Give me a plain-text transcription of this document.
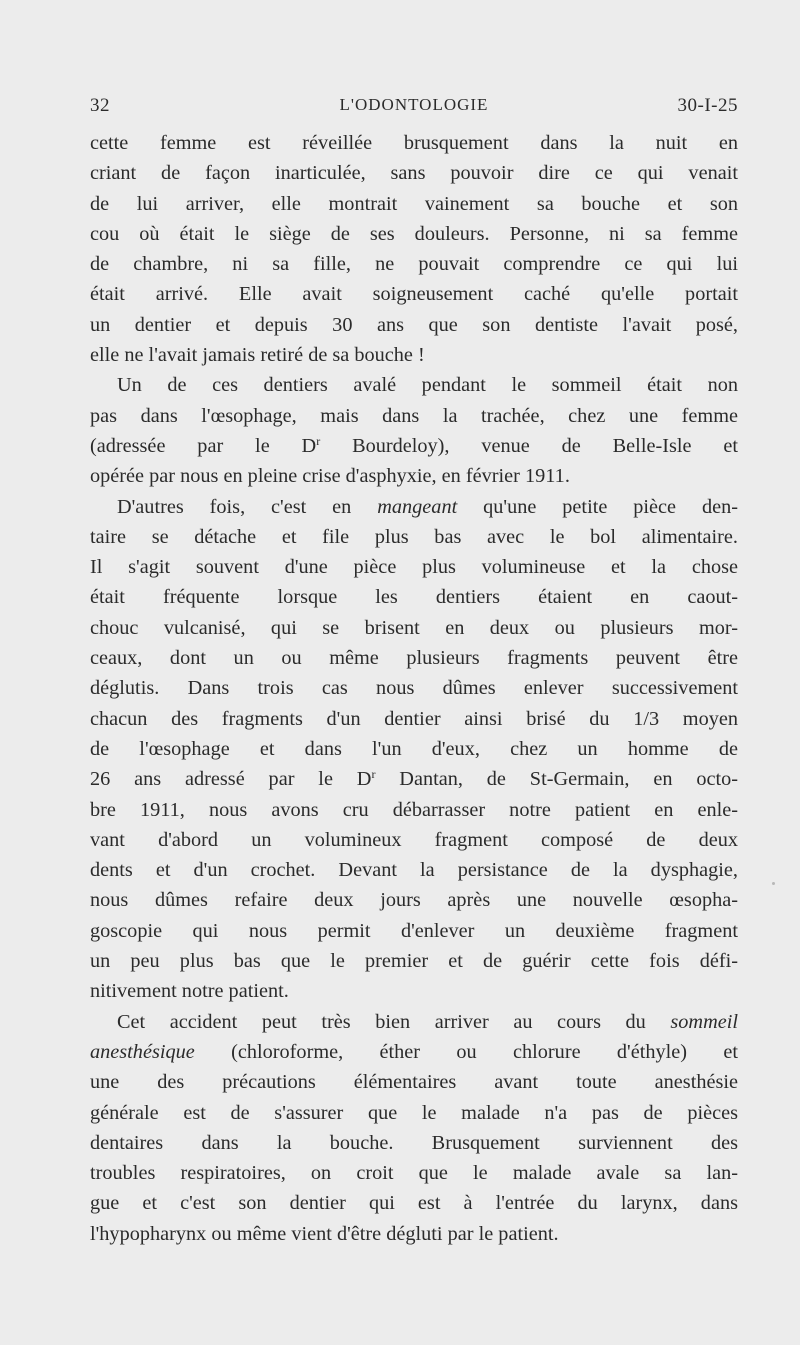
32	L'ODONTOLOGIE	30-I-25
cette femme est réveillée brusquement dans la nuit en
criant de façon inarticulée, sans pouvoir dire ce qui venait
de lui arriver, elle montrait vainement sa bouche et son
cou où était le siège de ses douleurs. Personne, ni sa femme
de chambre, ni sa fille, ne pouvait comprendre ce qui lui
était arrivé. Elle avait soigneusement caché qu'elle portait
un dentier et depuis 30 ans que son dentiste l'avait posé,
elle ne l'avait jamais retiré de sa bouche !
Un de ces dentiers avalé pendant le sommeil était non
pas dans l'œsophage, mais dans la trachée, chez une femme
(adressée par le $D^r$ Bourdeloy), venue de Belle-Isle et
opérée par nous en pleine crise d'asphyxie, en février 1911.
D'autres fois, c'est en mangeant qu'une petite pièce den-
taire se détache et file plus bas avec le bol alimentaire.
Il s'agit souvent d'une pièce plus volumineuse et la chose
était fréquente lorsque les dentiers étaient en caout-
chouc vulcanisé, qui se brisent en deux ou plusieurs mor-
ceaux, dont un ou même plusieurs fragments peuvent être
déglutis. Dans trois cas nous dûmes enlever successivement
chacun des fragments d'un dentier ainsi brisé du 1/3 moyen
de l'œsophage et dans l'un d'eux, chez un homme de
26 ans adressé par le $D^r$ Dantan, de St-Germain, en octo-
bre 1911, nous avons cru débarrasser notre patient en enle-
vant d'abord un volumineux fragment composé de deux
dents et d'un crochet. Devant la persistance de la dysphagie,
nous dûmes refaire deux jours après une nouvelle œsopha-
goscopie qui nous permit d'enlever un deuxième fragment
un peu plus bas que le premier et de guérir cette fois défi-
nitivement notre patient.
Cet accident peut très bien arriver au cours du sommeil
anesthésique (chloroforme, éther ou chlorure d'éthyle) et
une des précautions élémentaires avant toute anesthésie
générale est de s'assurer que le malade n'a pas de pièces
dentaires dans la bouche. Brusquement surviennent des
troubles respiratoires, on croit que le malade avale sa lan-
gue et c'est son dentier qui est à l'entrée du larynx, dans
l'hypopharynx ou même vient d'être dégluti par le patient.
